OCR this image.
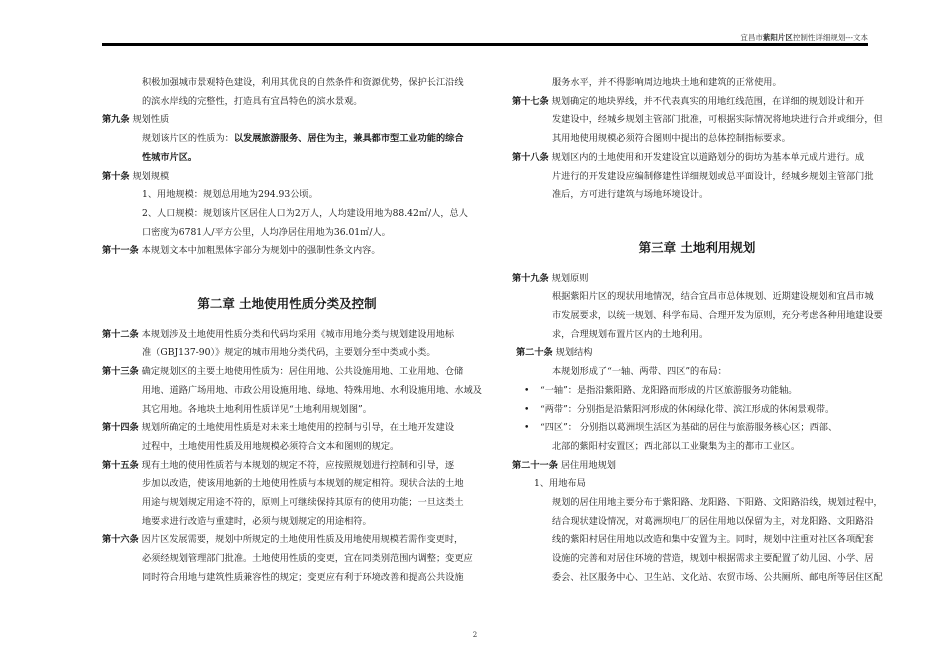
宜昌市紫阳片区控制性详细规划---文本
积极加强城市景观特色建设，利用其优良的自然条件和资源优势，保护长江沿线
的滨水岸线的完整性，打造具有宜昌特色的滨水景观。
第九条 规划性质
规划该片区的性质为：以发展旅游服务、居住为主，兼具都市型工业功能的综合
性城市片区。
第十条 规划规模
1、用地规模：规划总用地为294.93公顷。
2、人口规模：规划该片区居住人口为2万人，人均建设用地为88.42㎡/人，总人
口密度为6781人/平方公里，人均净居住用地为36.01㎡/人。
第十一条 本规划文本中加粗黑体字部分为规划中的强制性条文内容。
第二章 土地使用性质分类及控制
第十二条 本规划涉及土地使用性质分类和代码均采用《城市用地分类与规划建设用地标
准（GBJ137-90）》规定的城市用地分类代码，主要划分至中类或小类。
第十三条 确定规划区的主要土地使用性质为：居住用地、公共设施用地、工业用地、仓储
用地、道路广场用地、市政公用设施用地、绿地、特殊用地、水利设施用地、水域及
其它用地。各地块土地利用性质详见“土地利用规划图”。
第十四条 规划所确定的土地使用性质是对未来土地使用的控制与引导，在土地开发建设
过程中，土地使用性质及用地规模必须符合文本和图则的规定。
第十五条 现有土地的使用性质若与本规划的规定不符，应按照规划进行控制和引导，逐
步加以改造，使该用地新的土地使用性质与本规划的规定相符。现状合法的土地
用途与规划规定用途不符的，原则上可继续保持其原有的使用功能；一旦这类土
地要求进行改造与重建时，必须与规划规定的用途相符。
第十六条 因片区发展需要，规划中所规定的土地使用性质及用地使用规模若需作变更时，
必须经规划管理部门批准。土地使用性质的变更，宜在同类别范围内调整；变更应
同时符合用地与建筑性质兼容性的规定；变更应有利于环境改善和提高公共设施
服务水平，并不得影响周边地块土地和建筑的正常使用。
第十七条 规划确定的地块界线，并不代表真实的用地红线范围，在详细的规划设计和开
发建设中，经城乡规划主管部门批准，可根据实际情况将地块进行合并或细分，但
其用地使用规模必须符合图则中提出的总体控制指标要求。
第十八条 规划区内的土地使用和开发建设宜以道路划分的街坊为基本单元成片进行。成
片进行的开发建设应编制修建性详细规划或总平面设计，经城乡规划主管部门批
准后，方可进行建筑与场地环境设计。
第三章 土地利用规划
第十九条 规划原则
根据紫阳片区的现状用地情况，结合宜昌市总体规划、近期建设规划和宜昌市城
市发展要求，以统一规划、科学布局、合理开发为原则，充分考虑各种用地建设要
求，合理规划布置片区内的土地利用。
第二十条 规划结构
本规划形成了“一轴、两带、四区”的布局：
• “一轴”：是指沿紫阳路、龙阳路而形成的片区旅游服务功能轴。
• “两带”：分别指是沿紫阳河形成的休闲绿化带、滨江形成的休闲景观带。
• “四区”： 分别指以葛洲坝生活区为基础的居住与旅游服务核心区；西部、
北部的紫阳村安置区；西北部以工业聚集为主的都市工业区。
第二十一条 居住用地规划
1、用地布局
规划的居住用地主要分布于紫阳路、龙阳路、下阳路、文阳路沿线，规划过程中，
结合现状建设情况，对葛洲坝电厂的居住用地以保留为主，对龙阳路、文阳路沿
线的紫阳村居住用地以改造和集中安置为主。同时，规划中注重对社区各项配套
设施的完善和对居住环境的营造，规划中根据需求主要配置了幼儿园、小学、居
委会、社区服务中心、卫生站、文化站、农贸市场、公共厕所、邮电所等居住区配
2
